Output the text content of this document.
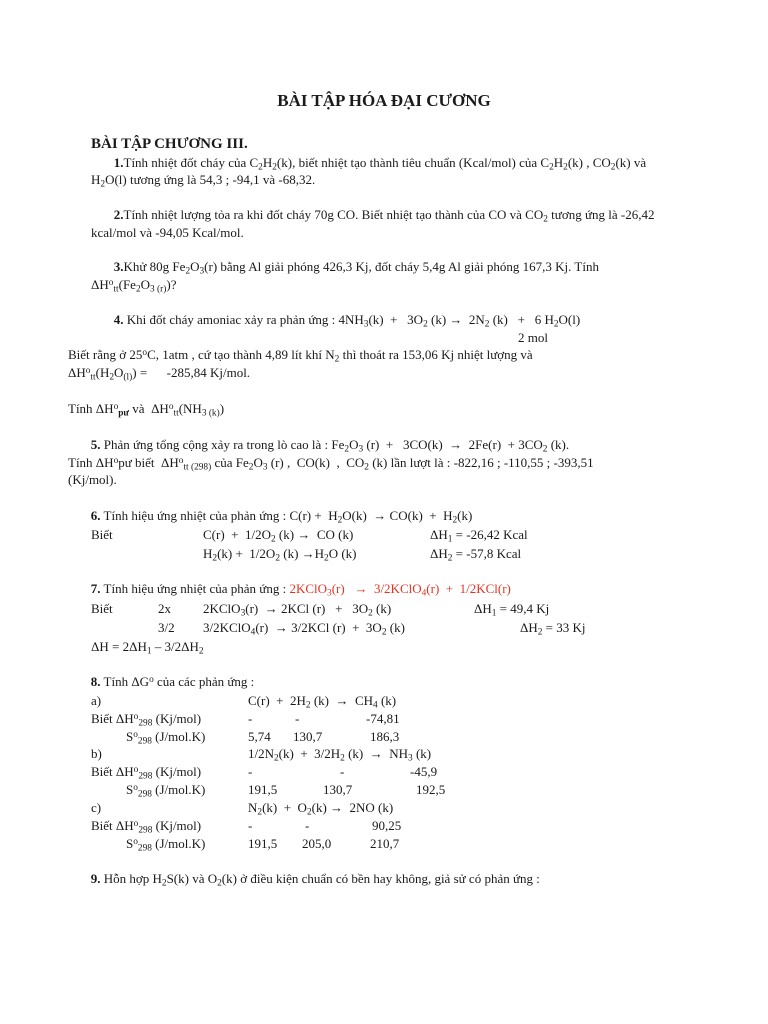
BÀI TẬP HÓA ĐẠI CƯƠNG
BÀI TẬP CHƯƠNG III.
1.Tính nhiệt đốt cháy của $C_2H_2(k)$, biết nhiệt tạo thành tiêu chuẩn (Kcal/mol) của $C_2H_2(k)$ , $CO_2(k)$ và
$H_2O(l)$ tương ứng là 54,3 ; -94,1 và -68,32.
2.Tính nhiệt lượng tỏa ra khi đốt cháy 70g CO. Biết nhiệt tạo thành của CO và $CO_2$ tương ứng là -26,42
kcal/mol và -94,05 Kcal/mol.
3.Khử 80g $Fe_2O_3(r)$ bằng Al giải phóng 426,3 Kj, đốt cháy 5,4g Al giải phóng 167,3 Kj. Tính
$\Delta H^o_{tt}(Fe_2O_{3 (r)})$?
4. Khi đốt cháy amoniac xảy ra phản ứng : $4NH_3(k) + 3O_2$ $(k) \to 2N_2$ (k)   +   6 $H_2O(l)$
2 mol
Biết rằng ở 25$^o$C, 1atm , cứ tạo thành 4,89 lít khí $N_2$ thì thoát ra 153,06 Kj nhiệt lượng và
$\Delta H^o_{tt}(H_2O_{(l)})$ =      -285,84 Kj/mol.
Tính $\Delta H^o_{pư}$ và  $\Delta H^o_{tt}(NH_{3 (k)})$
5. Phản ứng tổng cộng xảy ra trong lò cao là : $Fe_2O_3$ $(r) + 3CO(k) \to 2Fe(r) + 3CO_2$ (k).
Tính $\Delta H^opư$ biết  $\Delta H^o_{tt (298)}$ của $Fe_2O_3$ (r) ,  CO(k)  ,  $CO_2$ (k) lần lượt là : -822,16 ; -110,55 ; -393,51
(Kj/mol).
6. Tính hiệu ứng nhiệt của phản ứng : $C(r) + H_2O(k) \to CO(k) + H_2(k)$
Biết	$C(r) + 1/2O_2$ (k) →  CO (k)	$\Delta H_1 = -26,42$ Kcal
$H_2(k) + 1/2O_2$ $(k) \to H_2O$ (k)	$\Delta H_2 = -57,8$ Kcal
7. Tính hiệu ứng nhiệt của phản ứng : 2KClO$_3$(r)   →  3/2KClO$_4$(r)  +  1/2KCl(r)
Biết	2x 2KClO$_3$(r)  → 2KCl $(r) + 3O_2$ (k)	$\Delta H_1 = 49,4$ Kj
3/2 3/2KClO$_4$(r)  → 3/2KCl $(r) + 3O_2$ (k)	$\Delta H_2 = 33$ Kj
$\Delta H = 2\Delta H_1 - 3/2\Delta H_2$
8. Tính $\Delta G^o$ của các phản ứng :
a)	$C(r) + 2H_2$ $(k) \to CH_4$ (k)
Biết $\Delta H^o_{298}$ (Kj/mol)	-	-	-74,81
$S^o_{298}$ (J/mol.K)	5,74 130,7	186,3
b)	$1/2N_2(k) + 3/2H_2$ $(k) \to NH_3$ (k)
Biết $\Delta H^o_{298}$ (Kj/mol)	-	-	-45,9
$S^o_{298}$ (J/mol.K)	191,5	130,7	192,5
c)	$N_2(k) + O_2(k) \to 2NO$ (k)
Biết $\Delta H^o_{298}$ (Kj/mol)	-	-	90,25
$S^o_{298}$ (J/mol.K)	191,5 205,0	210,7
9. Hỗn hợp $H_2S(k)$ và $O_2(k)$ ở điều kiện chuẩn có bền hay không, giả sử có phản ứng :
